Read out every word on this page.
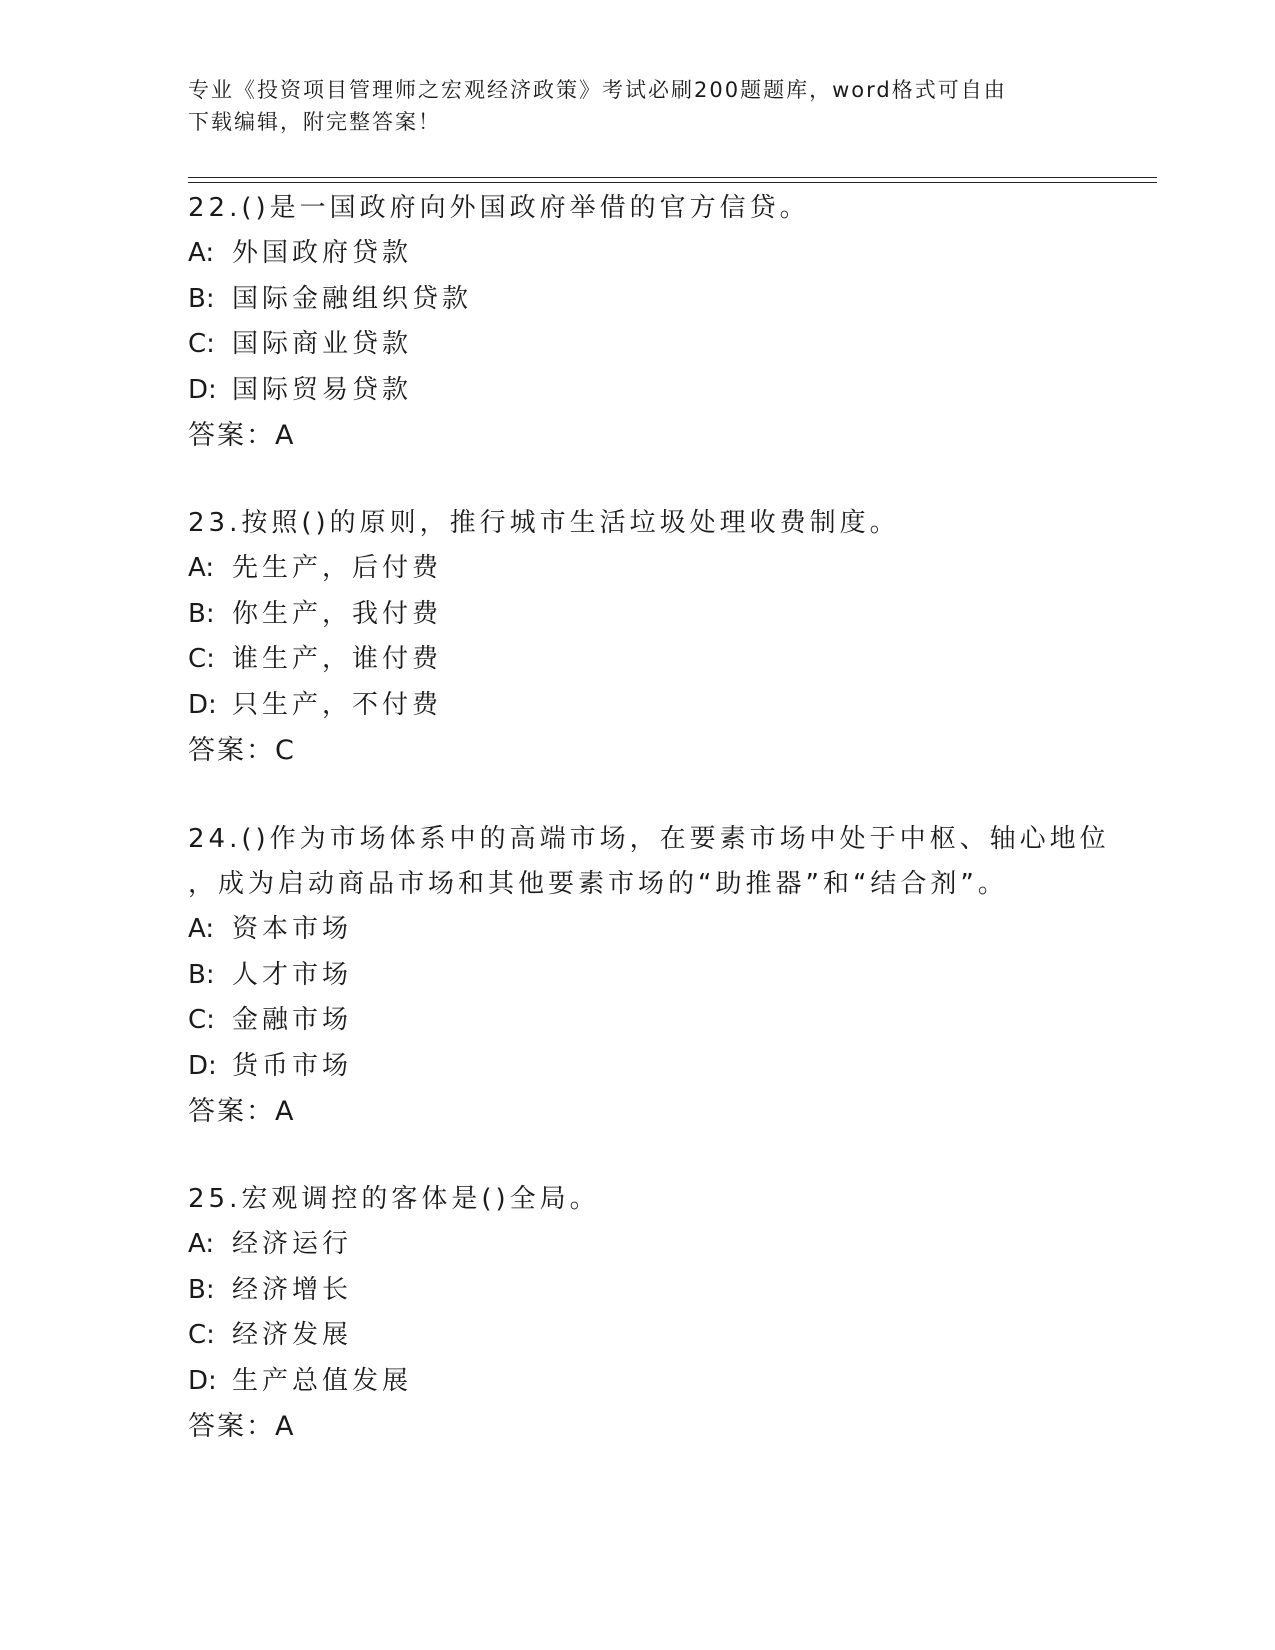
专业《投资项目管理师之宏观经济政策》考试必刷200题题库，word格式可自由
下载编辑，附完整答案！

22.()是一国政府向外国政府举借的官方信贷。

A: 外国政府贷款

B: 国际金融组织贷款

C: 国际商业贷款

D: 国际贸易贷款

答案：A

23.按照()的原则，推行城市生活垃圾处理收费制度。

A: 先生产，后付费

B: 你生产，我付费

C: 谁生产，谁付费

D: 只生产，不付费

答案：C

24.()作为市场体系中的高端市场，在要素市场中处于中枢、轴心地位

，成为启动商品市场和其他要素市场的“助推器”和“结合剂”。

A: 资本市场

B: 人才市场

C: 金融市场

D: 货币市场

答案：A

25.宏观调控的客体是()全局。

A: 经济运行

B: 经济增长

C: 经济发展

D: 生产总值发展

答案：A
